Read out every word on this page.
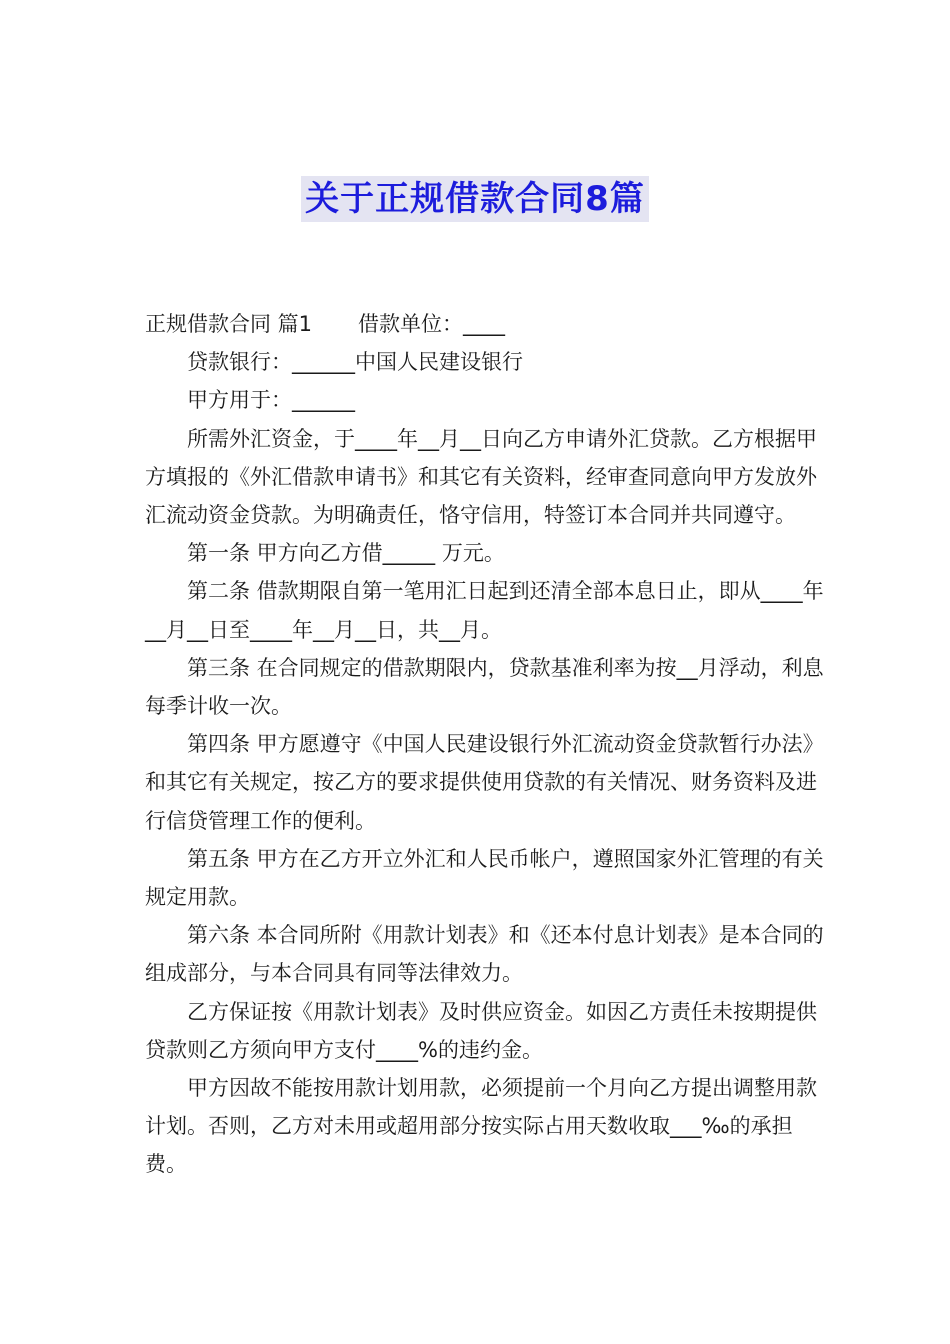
关于正规借款合同8篇

正规借款合同 篇1 借款单位：____

贷款银行：______中国人民建设银行

甲方用于：______

所需外汇资金，于____年__月__日向乙方申请外汇贷款。乙方根据甲方填报的《外汇借款申请书》和其它有关资料，经审查同意向甲方发放外汇流动资金贷款。为明确责任，恪守信用，特签订本合同并共同遵守。

第一条 甲方向乙方借_____ 万元。

第二条 借款期限自第一笔用汇日起到还清全部本息日止，即从____年__月__日至____年__月__日，共__月。

第三条 在合同规定的借款期限内，贷款基准利率为按__月浮动，利息每季计收一次。

第四条 甲方愿遵守《中国人民建设银行外汇流动资金贷款暂行办法》和其它有关规定，按乙方的要求提供使用贷款的有关情况、财务资料及进行信贷管理工作的便利。

第五条 甲方在乙方开立外汇和人民币帐户，遵照国家外汇管理的有关规定用款。

第六条 本合同所附《用款计划表》和《还本付息计划表》是本合同的组成部分，与本合同具有同等法律效力。

乙方保证按《用款计划表》及时供应资金。如因乙方责任未按期提供贷款则乙方须向甲方支付____%的违约金。

甲方因故不能按用款计划用款，必须提前一个月向乙方提出调整用款计划。否则，乙方对未用或超用部分按实际占用天数收取___‰的承担费。
